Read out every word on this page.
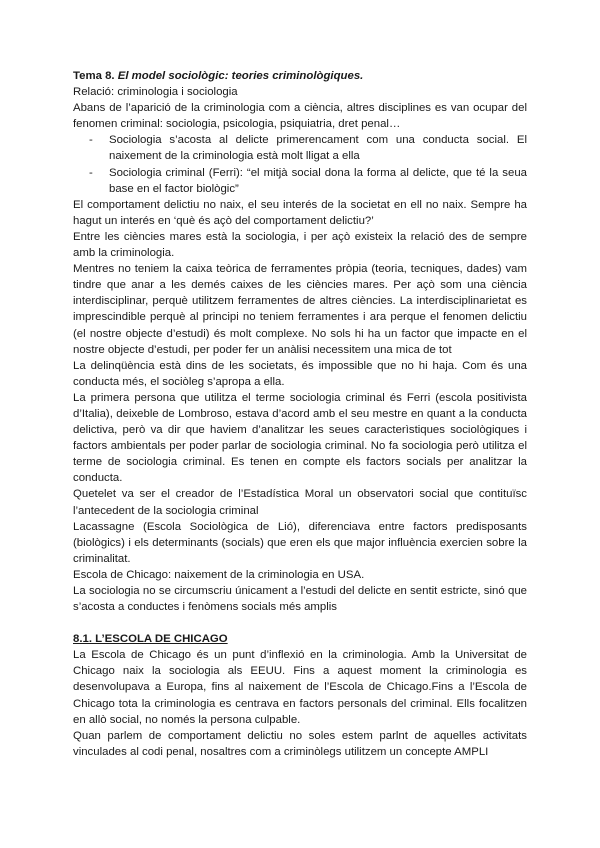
Tema 8. El model sociològic: teories criminològiques.

Relació: criminologia i sociologia

Abans de l’aparició de la criminologia com a ciència, altres disciplines es van ocupar del fenomen criminal: sociologia, psicologia, psiquiatria, dret penal…

- Sociologia s’acosta al delicte primerencament com una conducta social. El naixement de la criminologia està molt lligat a ella
- Sociologia criminal (Ferri): “el mitjà social dona la forma al delicte, que té la seua base en el factor biològic”

El comportament delictiu no naix, el seu interés de la societat en ell no naix. Sempre ha hagut un interés en ‘què és açò del comportament delictiu?’

Entre les ciències mares està la sociologia, i per açò existeix la relació des de sempre amb la criminologia.

Mentres no teniem la caixa teòrica de ferramentes pròpia (teoria, tecniques, dades) vam tindre que anar a les demés caixes de les ciències mares. Per açò som una ciència interdisciplinar, perquè utilitzem ferramentes de altres ciències. La interdisciplinarietat es imprescindible perquè al principi no teniem ferramentes i ara perque el fenomen delictiu (el nostre objecte d’estudi) és molt complexe. No sols hi ha un factor que impacte en el nostre objecte d’estudi, per poder fer un anàlisi necessitem una mica de tot

La delinqüència està dins de les societats, és impossible que no hi haja. Com és una conducta més, el sociòleg s’apropa a ella.

La primera persona que utilitza el terme sociologia criminal és Ferri (escola positivista d’Italia), deixeble de Lombroso, estava d’acord amb el seu mestre en quant a la conducta delictiva, però va dir que haviem d’analitzar les seues caracterìstiques sociològiques i factors ambientals per poder parlar de sociologia criminal. No fa sociologia però utilitza el terme de sociologia criminal. Es tenen en compte els factors socials per analitzar la conducta.

Quetelet va ser el creador de l’Estadística Moral un observatori social que contituïsc l’antecedent de la sociologia criminal

Lacassagne (Escola Sociològica de Lió), diferenciava entre factors predisposants (biològics) i els determinants (socials) que eren els que major influència exercien sobre la criminalitat.

Escola de Chicago: naixement de la criminologia en USA.

La sociologia no se circumscriu únicament a l’estudi del delicte en sentit estricte, sinó que s’acosta a conductes i fenòmens socials més amplis

8.1. L’ESCOLA DE CHICAGO

La Escola de Chicago és un punt d’inflexió en la criminologia. Amb la Universitat de Chicago naix la sociologia als EEUU. Fins a aquest moment la criminologia es desenvolupava a Europa, fins al naixement de l’Escola de Chicago.Fins a l’Escola de Chicago tota la criminologia es centrava en factors personals del criminal. Ells focalitzen en allò social, no només la persona culpable.

Quan parlem de comportament delictiu no soles estem parlnt de aquelles activitats vinculades al codi penal, nosaltres com a criminòlegs utilitzem un concepte AMPLI
